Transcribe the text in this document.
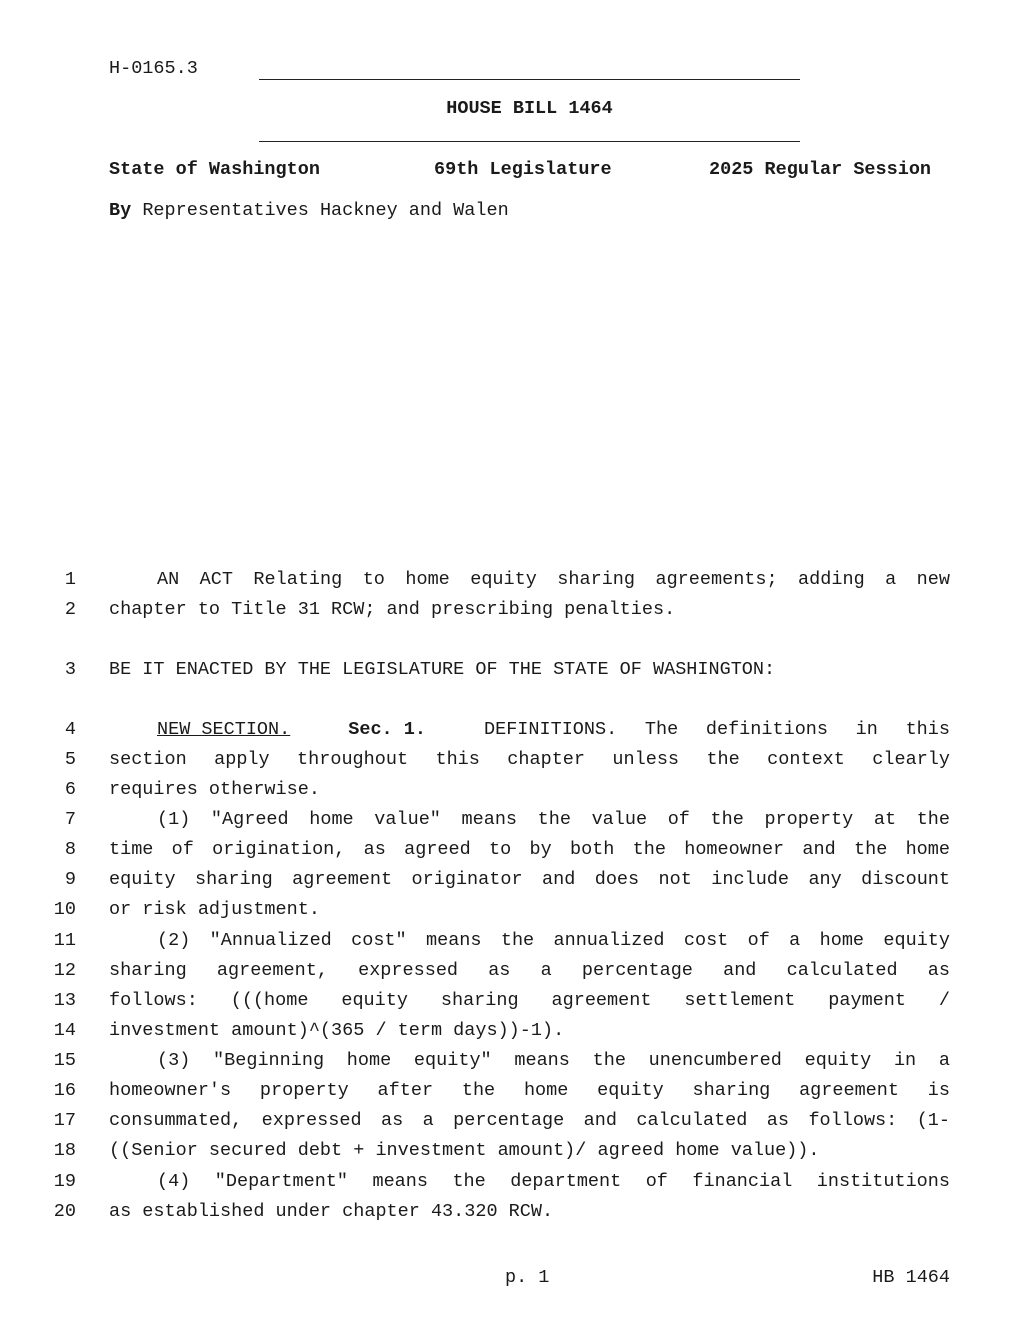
H-0165.3
HOUSE BILL 1464
State of Washington	69th Legislature	2025 Regular Session
By Representatives Hackney and Walen
1	AN ACT Relating to home equity sharing agreements; adding a new
2 chapter to Title 31 RCW; and prescribing penalties.
3 BE IT ENACTED BY THE LEGISLATURE OF THE STATE OF WASHINGTON:
4	NEW SECTION.	Sec. 1.	DEFINITIONS. The definitions in this
5 section apply throughout this chapter unless the context clearly
6 requires otherwise.
7	(1) "Agreed home value" means the value of the property at the
8 time of origination, as agreed to by both the homeowner and the home
9 equity sharing agreement originator and does not include any discount
10 or risk adjustment.
11	(2) "Annualized cost" means the annualized cost of a home equity
12 sharing agreement, expressed as a percentage and calculated as
13 follows: (((home equity sharing agreement settlement payment /
14 investment amount)^(365 / term days))-1).
15	(3) "Beginning home equity" means the unencumbered equity in a
16 homeowner's property after the home equity sharing agreement is
17 consummated, expressed as a percentage and calculated as follows: (1-
18 ((Senior secured debt + investment amount)/ agreed home value)).
19	(4) "Department" means the department of financial institutions
20 as established under chapter 43.320 RCW.
p. 1	HB 1464
